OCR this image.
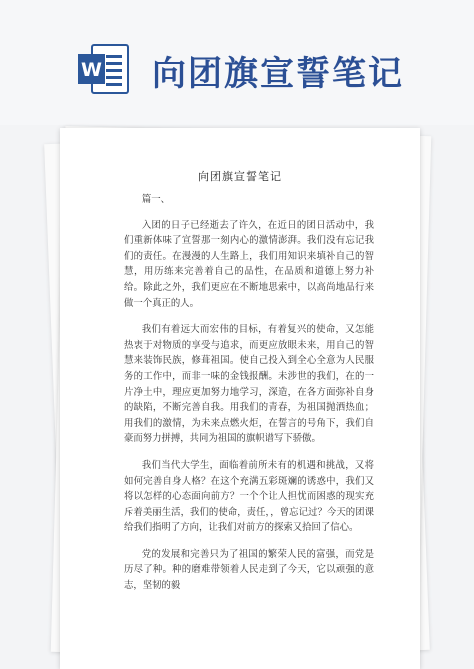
W 向团旗宣誓笔记
向团旗宣誓笔记

篇一、

入团的日子已经逝去了许久，在近日的团日活动中，我们重新体味了宣誓那一刻内心的激情澎湃。我们没有忘记我们的责任。在漫漫的人生路上，我们用知识来填补自己的智慧，用历练来完善着自己的品性，在品质和道德上努力补给。除此之外，我们更应在不断地思索中，以高尚地品行来做一个真正的人。

我们有着远大而宏伟的目标，有着复兴的使命，又怎能热衷于对物质的享受与追求，而更应放眼未来，用自己的智慧来装饰民族，修葺祖国。使自己投入到全心全意为人民服务的工作中，而非一味的金钱报酬。未涉世的我们，在的一片净土中，理应更加努力地学习，深造，在各方面弥补自身的缺陷，不断完善自我。用我们的青春，为祖国抛洒热血；用我们的激情，为未来点燃火炬，在誓言的号角下，我们自豪而努力拼搏，共同为祖国的旗帜谱写下骄傲。

我们当代大学生，面临着前所未有的机遇和挑战，又将如何完善自身人格？在这个充满五彩斑斓的诱惑中，我们又将以怎样的心态面向前方？一个个让人担忧而困惑的现实充斥着美丽生活，我们的使命，责任，，曾忘记过？今天的团课给我们指明了方向，让我们对前方的探索又拾回了信心。

党的发展和完善只为了祖国的繁荣人民的富强，而党是历尽了种。种的磨难带领着人民走到了今天，它以顽强的意志，坚韧的毅
